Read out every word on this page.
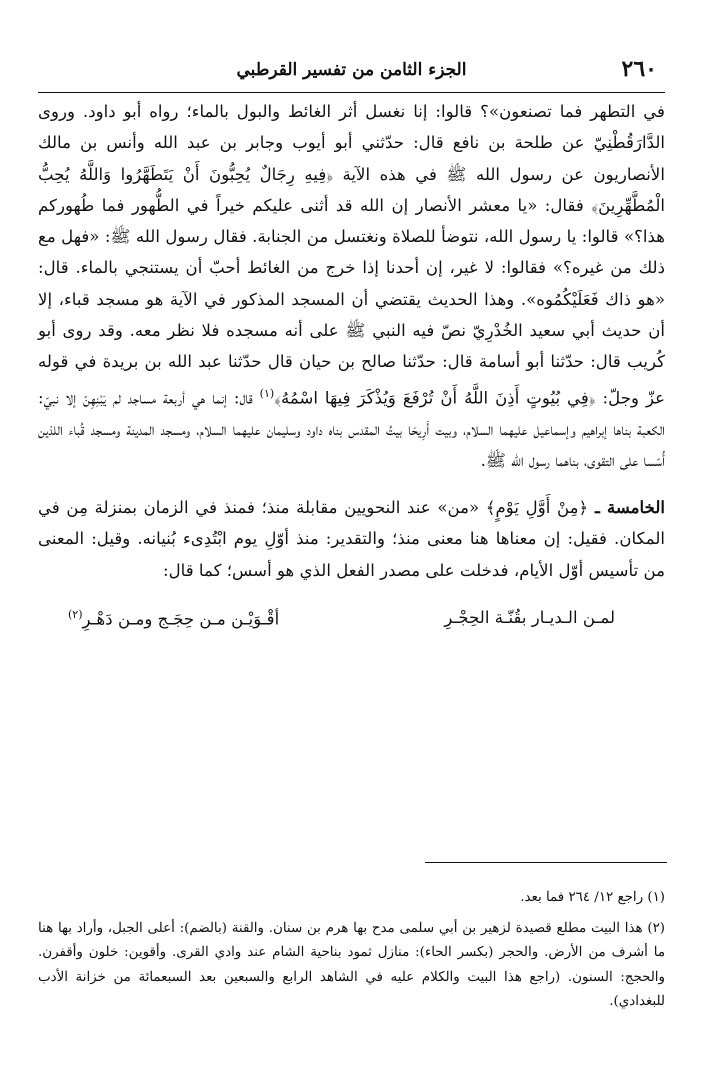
٢٦٠
الجزء الثامن من تفسير القرطبي

في التطهر فما تصنعون»؟ قالوا: إنا نغسل أثر الغائط والبول بالماء؛ رواه أبو داود. وروى الدَّارَقُطْنِيّ عن طلحة بن نافع قال: حدّثني أبو أيوب وجابر بن عبد الله وأنس بن مالك الأنصاريون عن رسول الله ﷺ في هذه الآية ﴿فِيهِ رِجَالٌ يُحِبُّونَ أَنْ يَتَطَهَّرُوا وَاللَّهُ يُحِبُّ الْمُطَّهِّرِينَ﴾ فقال: «يا معشر الأنصار إن الله قد أثنى عليكم خيراً في الطُّهور فما طُهوركم هذا؟» قالوا: يا رسول الله، نتوضأ للصلاة ونغتسل من الجنابة. فقال رسول الله ﷺ: «فهل مع ذلك من غيره؟» فقالوا: لا غير، إن أحدنا إذا خرج من الغائط أحبّ أن يستنجي بالماء. قال: «هو ذاك فَعَلَيْكُمُوه». وهذا الحديث يقتضي أن المسجد المذكور في الآية هو مسجد قباء، إلا أن حديث أبي سعيد الخُدْرِيّ نصّ فيه النبي ﷺ على أنه مسجده فلا نظر معه. وقد روى أبو كُريب قال: حدّثنا أبو أسامة قال: حدّثنا صالح بن حيان قال حدّثنا عبد الله بن بريدة في قوله عزّ وجلّ: ﴿فِي بُيُوتٍ أَذِنَ اللَّهُ أَنْ تُرْفَعَ وَيُذْكَرَ فِيهَا اسْمُهُ﴾$^{(١)}$ قال: إنما هي أربعة مساجد لم يَبْنِهِنّ إلا نبيّ: الكعبة بناها إبراهيم وإسماعيل عليهما السلام، وبيت أَرِيحَا بيتُ المقدس بناه داود وسليمان عليهما السلام، ومسجد المدينة ومسجد قُباء اللذين أُسّسا على التقوى، بناهما رسول الله ﷺ.

الخامسة ـ ﴿مِنْ أَوَّلِ يَوْمٍ﴾ «من» عند النحويين مقابلة منذ؛ فمنذ في الزمان بمنزلة مِن في المكان. فقيل: إن معناها هنا معنى منذ؛ والتقدير: منذ أوّلِ يوم ابْتُدِىء بُنيانه. وقيل: المعنى من تأسيس أوّل الأيام، فدخلت على مصدر الفعل الذي هو أسس؛ كما قال:

لمـن الـديـار بقُنّـة الحِجْـرِ
أقْـوَيْـن مـن حِجَـج ومـن دَهْـرِ$^{(٢)}$

(١) راجع ١٢/ ٢٦٤ فما بعد.

(٢) هذا البيت مطلع قصيدة لزهير بن أبي سلمى مدح بها هرم بن سنان. والقنة (بالضم): أعلى الجبل، وأراد بها هنا ما أشرف من الأرض. والحجر (بكسر الحاء): منازل ثمود بناحية الشام عند وادي القرى. وأقوين: خلون وأقفرن. والحجج: السنون. (راجع هذا البيت والكلام عليه في الشاهد الرابع والسبعين بعد السبعمائة من خزانة الأدب للبغدادي).
